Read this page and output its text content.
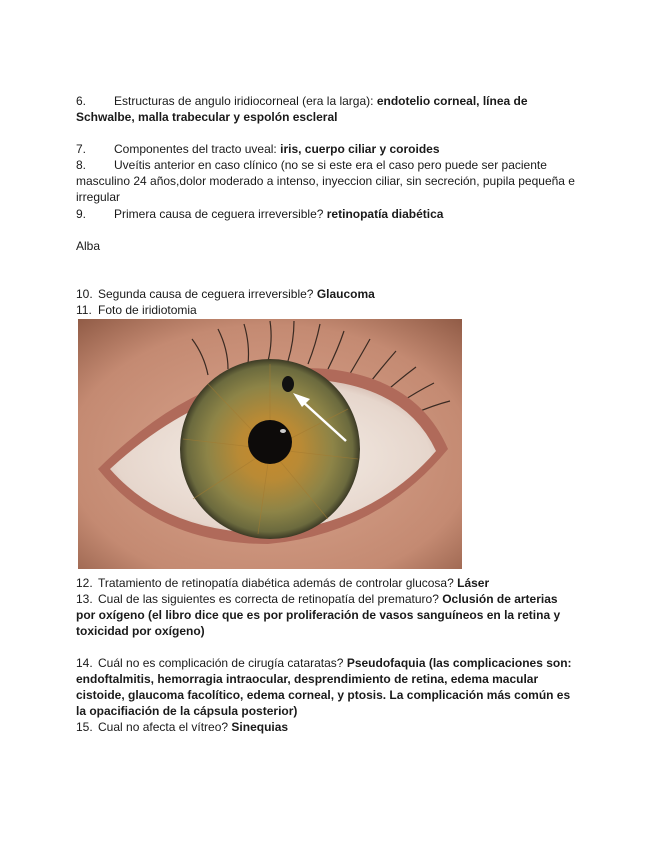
6. Estructuras de angulo iridiocorneal (era la larga): endotelio corneal, línea de Schwalbe, malla trabecular y espolón escleral

7. Componentes del tracto uveal: iris, cuerpo ciliar y coroides

8. Uveítis anterior en caso clínico (no se si este era el caso pero puede ser paciente masculino 24 años,dolor moderado a intenso, inyeccion ciliar, sin secreción, pupila pequeña e irregular

9. Primera causa de ceguera irreversible? retinopatía diabética

Alba

10. Segunda causa de ceguera irreversible? Glaucoma

11. Foto de iridiotomia

12. Tratamiento de retinopatía diabética además de controlar glucosa? Láser

13. Cual de las siguientes es correcta de retinopatía del prematuro? Oclusión de arterias por oxígeno (el libro dice que es por proliferación de vasos sanguíneos en la retina y toxicidad por oxígeno)

14. Cuál no es complicación de cirugía cataratas? Pseudofaquia (las complicaciones son: endoftalmitis, hemorragia intraocular, desprendimiento de retina, edema macular cistoide, glaucoma facolítico, edema corneal, y ptosis. La complicación más común es la opacifiación de la cápsula posterior)

15. Cual no afecta el vítreo? Sinequias
